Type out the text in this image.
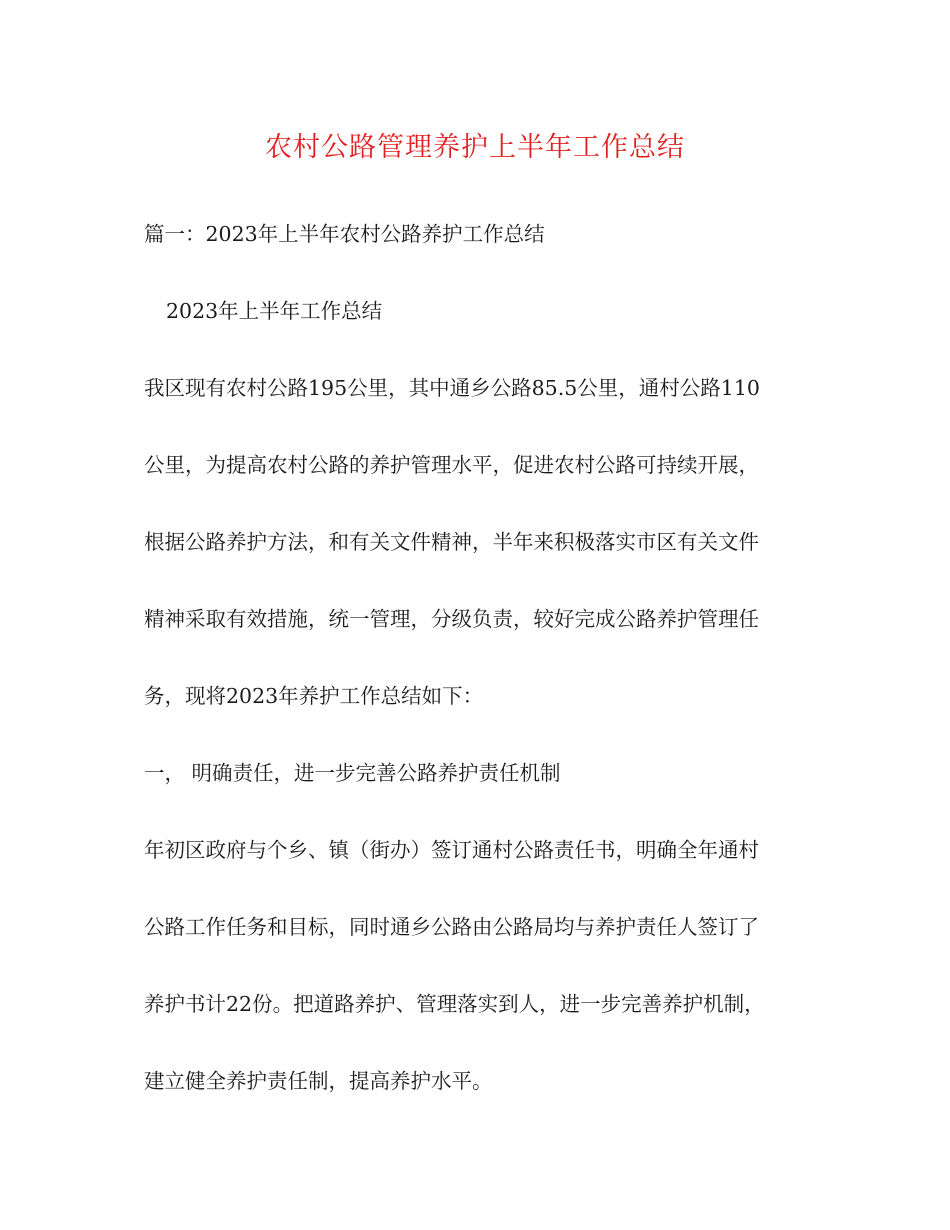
农村公路管理养护上半年工作总结

篇一：2023年上半年农村公路养护工作总结

2023年上半年工作总结

我区现有农村公路195公里，其中通乡公路85.5公里，通村公路110

公里，为提高农村公路的养护管理水平，促进农村公路可持续开展，

根据公路养护方法，和有关文件精神，半年来积极落实市区有关文件

精神采取有效措施，统一管理，分级负责，较好完成公路养护管理任

务，现将2023年养护工作总结如下：

一， 明确责任，进一步完善公路养护责任机制

年初区政府与个乡、镇（街办）签订通村公路责任书，明确全年通村

公路工作任务和目标，同时通乡公路由公路局均与养护责任人签订了

养护书计22份。把道路养护、管理落实到人，进一步完善养护机制，

建立健全养护责任制，提高养护水平。
